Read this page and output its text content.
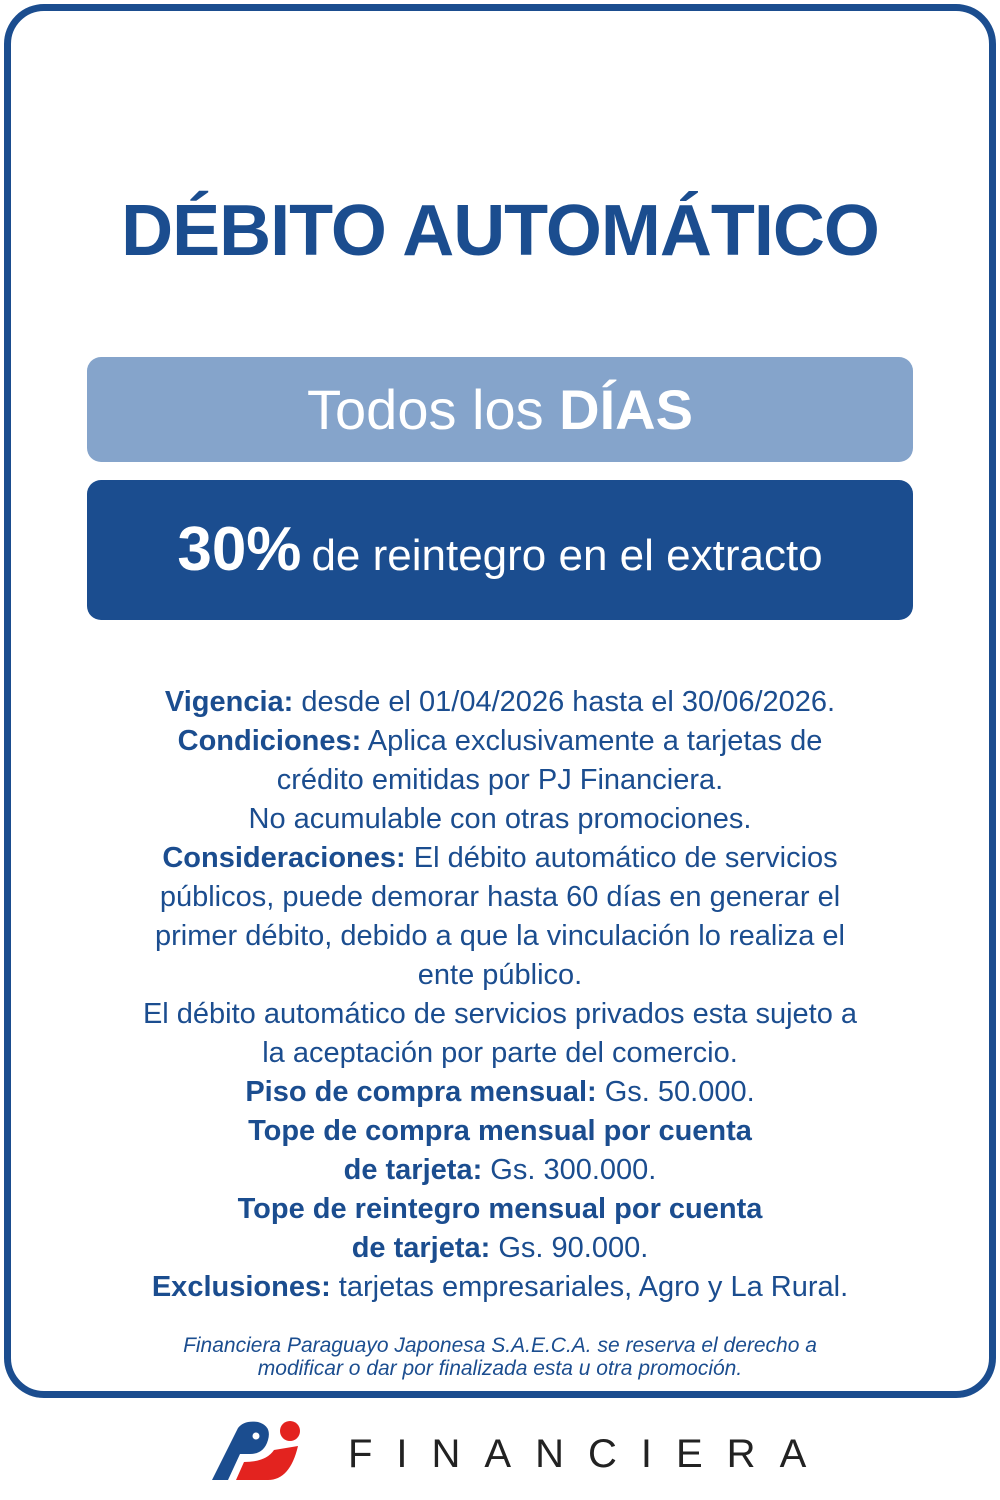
DÉBITO AUTOMÁTICO
Todos los DÍAS
30% de reintegro en el extracto
Vigencia: desde el 01/04/2026 hasta el 30/06/2026.
Condiciones: Aplica exclusivamente a tarjetas de
crédito emitidas por PJ Financiera.
No acumulable con otras promociones.
Consideraciones: El débito automático de servicios
públicos, puede demorar hasta 60 días en generar el
primer débito, debido a que la vinculación lo realiza el
ente público.
El débito automático de servicios privados esta sujeto a
la aceptación por parte del comercio.
Piso de compra mensual: Gs. 50.000.
Tope de compra mensual por cuenta
de tarjeta: Gs. 300.000.
Tope de reintegro mensual por cuenta
de tarjeta: Gs. 90.000.
Exclusiones: tarjetas empresariales, Agro y La Rural.
Financiera Paraguayo Japonesa S.A.E.C.A. se reserva el derecho a
modificar o dar por finalizada esta u otra promoción.
FINANCIERA
